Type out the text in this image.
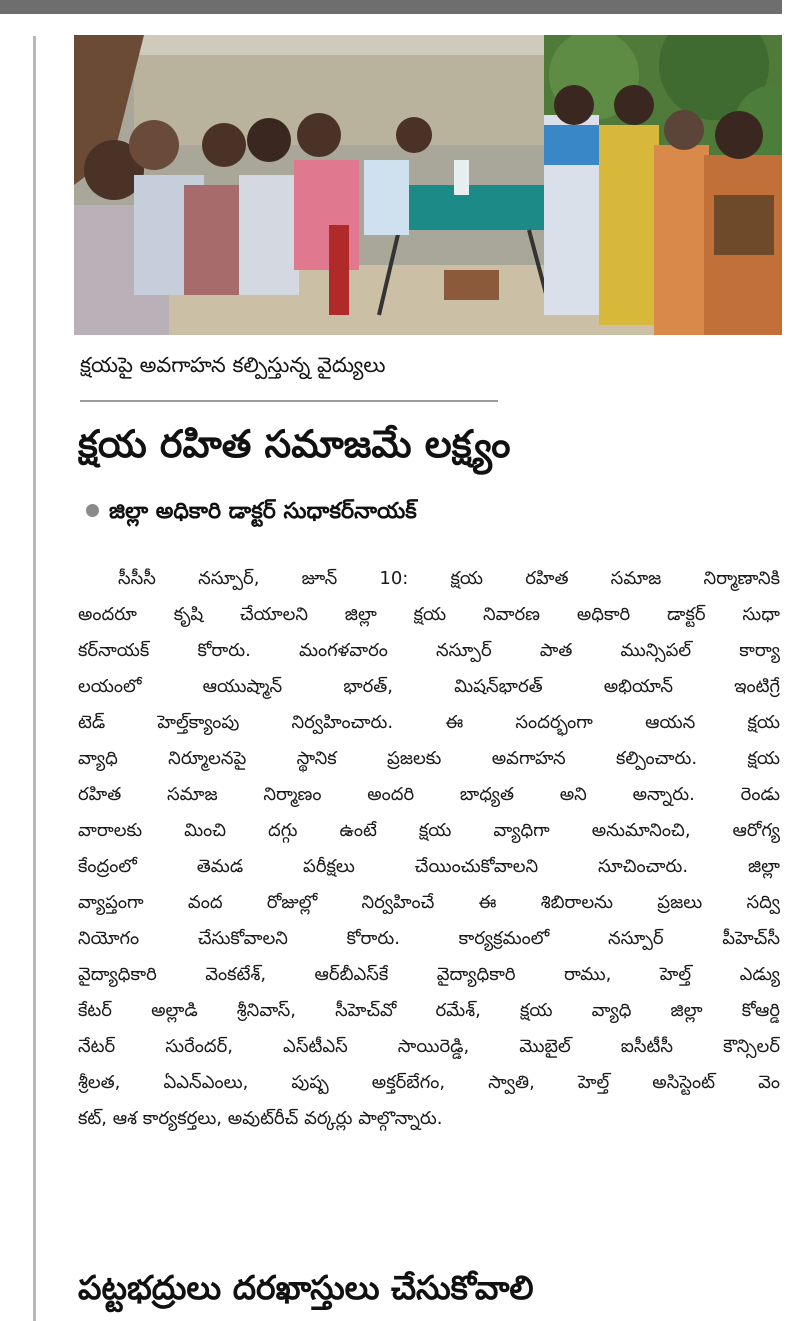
క్షయపై అవగాహన కల్పిస్తున్న వైద్యులు
క్షయ రహిత సమాజమే లక్ష్యం
జిల్లా అధికారి డాక్టర్ సుధాకర్‌నాయక్
సీసీసీ నస్పూర్, జూన్ 10: క్షయ రహిత సమాజ నిర్మాణానికి
అందరూ కృషి చేయాలని జిల్లా క్షయ నివారణ అధికారి డాక్టర్ సుధా
కర్‌నాయక్ కోరారు. మంగళవారం నస్పూర్ పాత మున్సిపల్ కార్యా
లయంలో ఆయుష్మాన్ భారత్, మిషన్‌భారత్ అభియాన్ ఇంటిగ్రే
టెడ్ హెల్త్‌క్యాంపు నిర్వహించారు. ఈ సందర్భంగా ఆయన క్షయ
వ్యాధి నిర్మూలనపై స్థానిక ప్రజలకు అవగాహన కల్పించారు. క్షయ
రహిత సమాజ నిర్మాణం అందరి బాధ్యత అని అన్నారు. రెండు
వారాలకు మించి దగ్గు ఉంటే క్షయ వ్యాధిగా అనుమానించి, ఆరోగ్య
కేంద్రంలో తెమడ పరీక్షలు చేయించుకోవాలని సూచించారు. జిల్లా
వ్యాప్తంగా వంద రోజుల్లో నిర్వహించే ఈ శిబిరాలను ప్రజలు సద్వి
నియోగం చేసుకోవాలని కోరారు. కార్యక్రమంలో నస్పూర్ పీహెచ్‌సీ
వైద్యాధికారి వెంకటేశ్, ఆర్‌బీఎస్‌కే వైద్యాధికారి రాము, హెల్త్ ఎడ్యు
కేటర్ అల్లాడి శ్రీనివాస్, సీహెచ్‌వో రమేశ్, క్షయ వ్యాధి జిల్లా కోఆర్డి
నేటర్ సురేందర్, ఎస్‌టీఎస్ సాయిరెడ్డి, మొబైల్ ఐసీటీసీ కౌన్సిలర్
శ్రీలత, ఏఎన్‌ఎంలు, పుష్ప అక్తర్‌బేగం, స్వాతి, హెల్త్ అసిస్టెంట్ వెం
కట్, ఆశ కార్యకర్తలు, అవుట్‌రీచ్ వర్కర్లు పాల్గొన్నారు.
పట్టభద్రులు దరఖాస్తులు చేసుకోవాలి
